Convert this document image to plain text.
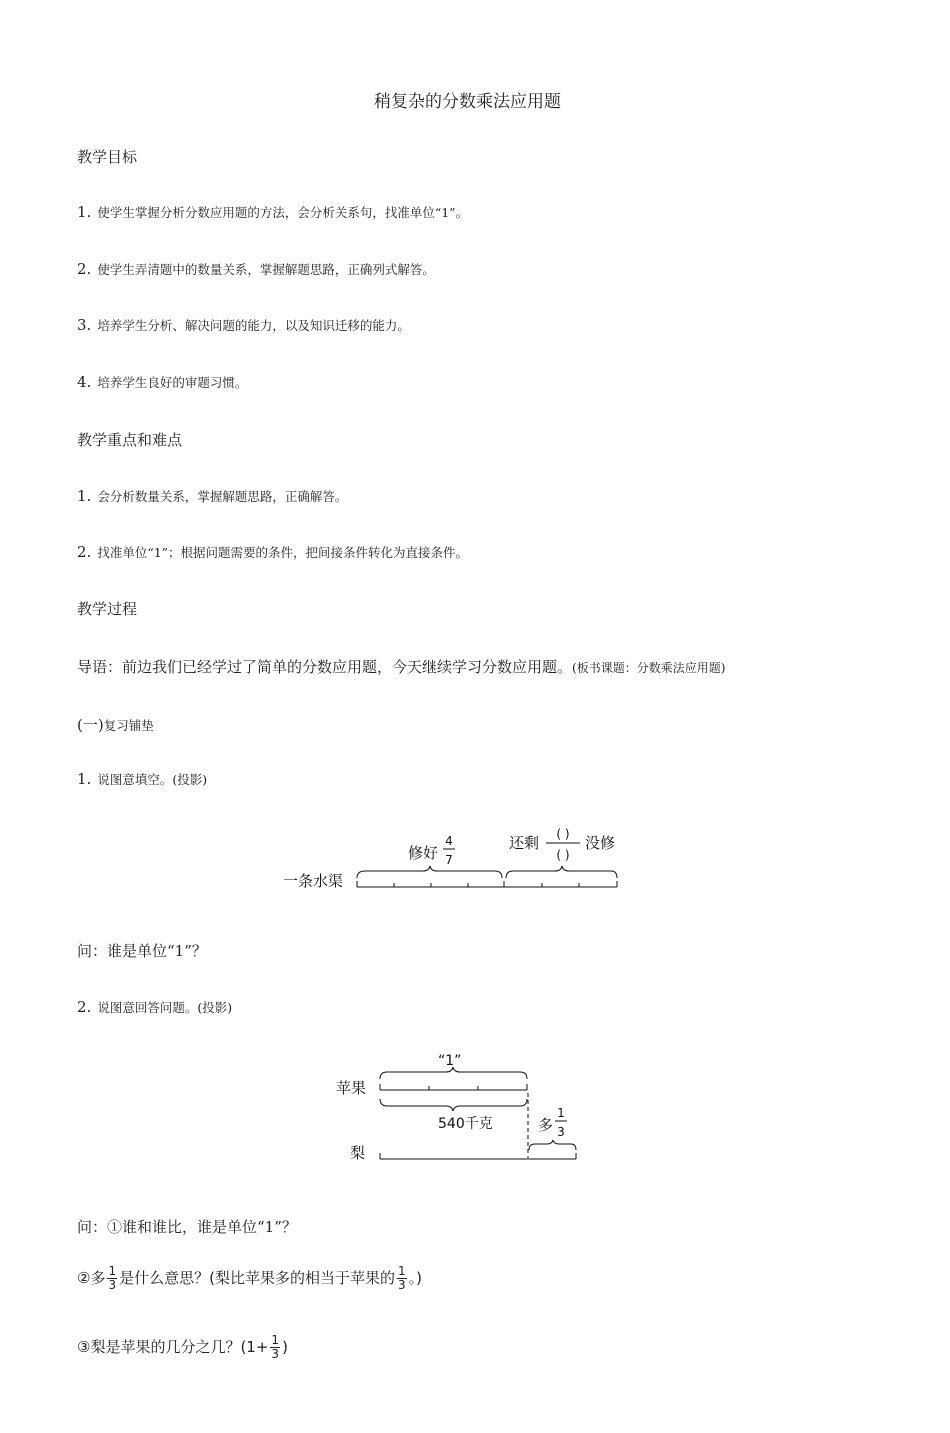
稍复杂的分数乘法应用题
教学目标
1. 使学生掌握分析分数应用题的方法，会分析关系句，找准单位“1”。
2. 使学生弄清题中的数量关系，掌握解题思路，正确列式解答。
3. 培养学生分析、解决问题的能力，以及知识迁移的能力。
4. 培养学生良好的审题习惯。
教学重点和难点
1. 会分析数量关系，掌握解题思路，正确解答。
2. 找准单位“1”；根据问题需要的条件，把间接条件转化为直接条件。
教学过程
导语：前边我们已经学过了简单的分数应用题，今天继续学习分数应用题。(板书课题：分数乘法应用题)
(一)复习铺垫
1. 说图意填空。(投影)
一条水渠
修好
4
7
还剩 ( )
( )
没修
问：谁是单位“1”？
2. 说图意回答问题。(投影)
“1”
苹果
540千克	多
1
3
梨
问：①谁和谁比，谁是单位“1”？
②多 $\frac{1}{3}$ 是什么意思？(梨比苹果多的相当于苹果的 $\frac{1}{3}$ 。)
③梨是苹果的几分之几？($1+ \frac{1}{3}$ )
